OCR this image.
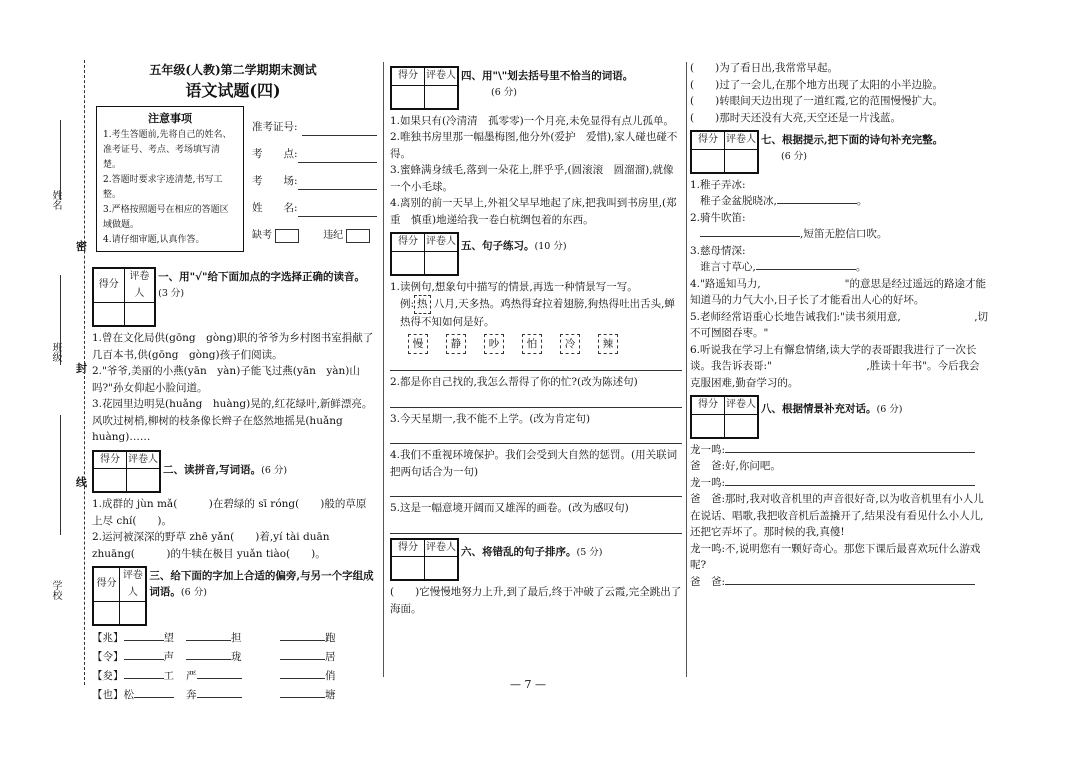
姓名
班级
学校
密
封
线
五年级(人教)第二学期期末测试
语文试题(四)
注意事项
1.考生答题前,先将自己的姓名、准考证号、考点、考场填写清楚。
2.答题时要求字迹清楚,书写工整。
3.严格按照题号在相应的答题区域做题。
4.请仔细审题,认真作答。
准考证号:
考　　点:
考　　场:
姓　　名:
缺考
	违纪

得分	评卷人

一、用"√"给下面加点的字选择正确的读音。(3 分)

1.曾在文化局供(gōng　gòng)职的爷爷为乡村图书室捐献了几百本书,供(gōng　gòng)孩子们阅读。

2."爷爷,美丽的小燕(yān　yàn)子能飞过燕(yān　yàn)山吗?"孙女仰起小脸问道。

3.花园里边明晃(huǎng　huàng)晃的,红花绿叶,新鲜漂亮。风吹过树梢,柳树的枝条像长辫子在悠然地摇晃(huǎng　huàng)……

得分	评卷人

二、读拼音,写词语。(6 分)

1.成群的 jùn mǎ(　　　)在碧绿的 sī róng(　　)般的草原上尽 chí(　　)。

2.运河被深深的野草 zhē yǎn(　　)着,yí tài duān zhuāng(　　　)的牛犊在极目 yuǎn tiào(　　)。

得分	评卷人

三、给下面的字加上合适的偏旁,与另一个字组成词语。(6 分)
【兆】	望	担	跑
【令】	声	珑	居
【夋】	工	严	俏
【也】松	奔	塘
得分	评卷人
	四、用"\"划去括号里不恰当的词语。
(6 分)

1.如果只有(冷清清　孤零零)一个月亮,未免显得有点儿孤单。

2.唯独书房里那一幅墨梅图,他分外(爱护　爱惜),家人碰也碰不得。

3.蜜蜂满身绒毛,落到一朵花上,胖乎乎,(圆滚滚　圆溜溜),就像一个小毛球。

4.离别的前一天早上,外祖父早早地起了床,把我叫到书房里,(郑重　慎重)地递给我一卷白杭绸包着的东西。

得分	评卷人
	五、句子练习。(10 分)

1.读例句,想象句中描写的情景,再选一种情景写一写。

例: 热 八月,天多热。鸡热得耷拉着翅膀,狗热得吐出舌头,蝉热得不知如何是好。

慢	静	吵	怕	冷	辣

2.都是你自己找的,我怎么帮得了你的忙?(改为陈述句)

3.今天星期一,我不能不上学。(改为肯定句)

4.我们不重视环境保护。我们会受到大自然的惩罚。(用关联词把两句话合为一句)

5.这是一幅意境开阔而又雄浑的画卷。(改为感叹句)

得分	评卷人
	六、将错乱的句子排序。(5 分)

(　　)它慢慢地努力上升,到了最后,终于冲破了云霞,完全跳出了海面。

(　　)为了看日出,我常常早起。

(　　)过了一会儿,在那个地方出现了太阳的小半边脸。

(　　)转眼间天边出现了一道红霞,它的范围慢慢扩大。

(　　)那时天还没有大亮,天空还是一片浅蓝。

得分	评卷人
	七、根据提示,把下面的诗句补充完整。
(6 分)

1.稚子弄冰:

稚子金盆脱晓冰,	。

2.骑牛吹笛:

,短笛无腔信口吹。

3.慈母情深:

谁言寸草心,	。

4."路遥知马力,　　　　　　　　"的意思是经过遥远的路途才能知道马的力气大小,日子长了才能看出人心的好坏。

5.老师经常语重心长地告诫我们:"读书须用意,　　　　　　　,切不可囫囵吞枣。"

6.听说我在学习上有懈怠情绪,读大学的表哥跟我进行了一次长谈。我告诉表哥:"　　　　　　　　　,胜读十年书"。今后我会克服困难,勤奋学习的。

得分	评卷人
	八、根据情景补充对话。(6 分)

龙一鸣:

爸　爸:好,你问吧。

龙一鸣:

爸　爸:那时,我对收音机里的声音很好奇,以为收音机里有小人儿在说话、唱歌,我把收音机后盖撬开了,结果没有看见什么小人儿,还把它弄坏了。那时候的我,真傻!

龙一鸣:不,说明您有一颗好奇心。那您下课后最喜欢玩什么游戏呢?

爸　爸:

— 7 —
